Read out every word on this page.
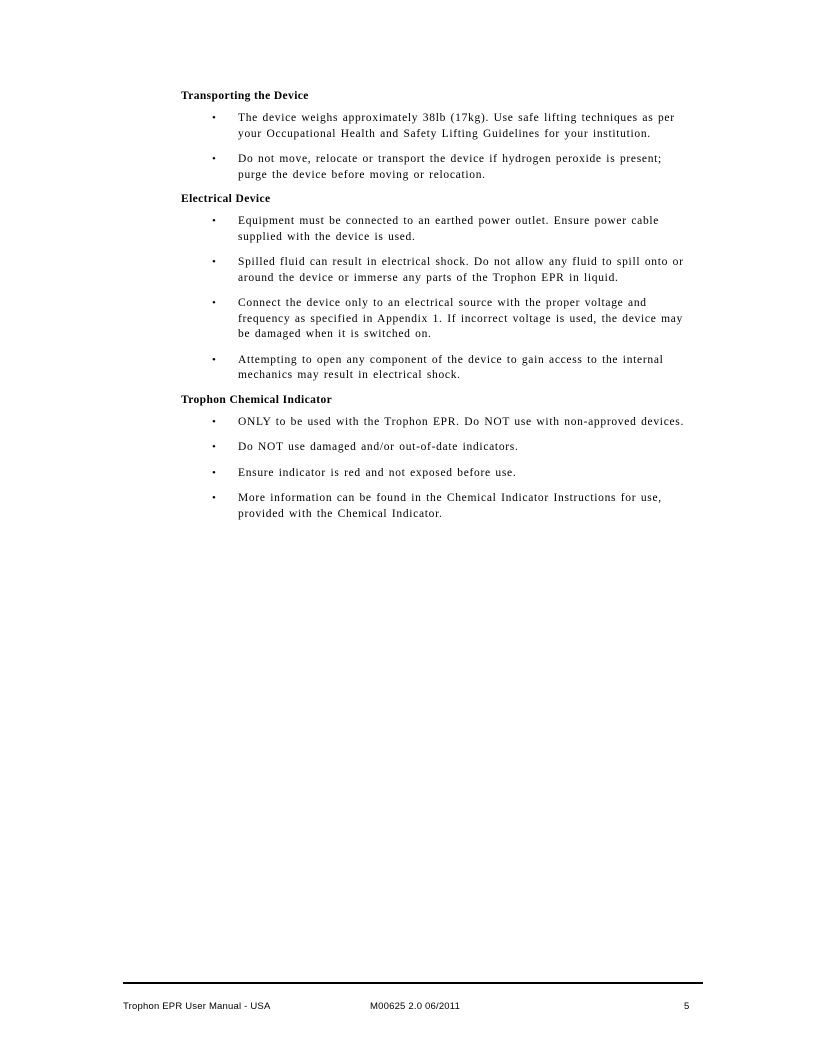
Transporting the Device
• The device weighs approximately 38lb (17kg). Use safe lifting techniques as per your Occupational Health and Safety Lifting Guidelines for your institution.
• Do not move, relocate or transport the device if hydrogen peroxide is present; purge the device before moving or relocation.
Electrical Device
• Equipment must be connected to an earthed power outlet. Ensure power cable supplied with the device is used.
• Spilled fluid can result in electrical shock. Do not allow any fluid to spill onto or around the device or immerse any parts of the Trophon EPR in liquid.
• Connect the device only to an electrical source with the proper voltage and frequency as specified in Appendix 1. If incorrect voltage is used, the device may be damaged when it is switched on.
• Attempting to open any component of the device to gain access to the internal mechanics may result in electrical shock.
Trophon Chemical Indicator
• ONLY to be used with the Trophon EPR. Do NOT use with non-approved devices.
• Do NOT use damaged and/or out-of-date indicators.
• Ensure indicator is red and not exposed before use.
• More information can be found in the Chemical Indicator Instructions for use, provided with the Chemical Indicator.
Trophon EPR User Manual - USA	M00625 2.0 06/2011	5
